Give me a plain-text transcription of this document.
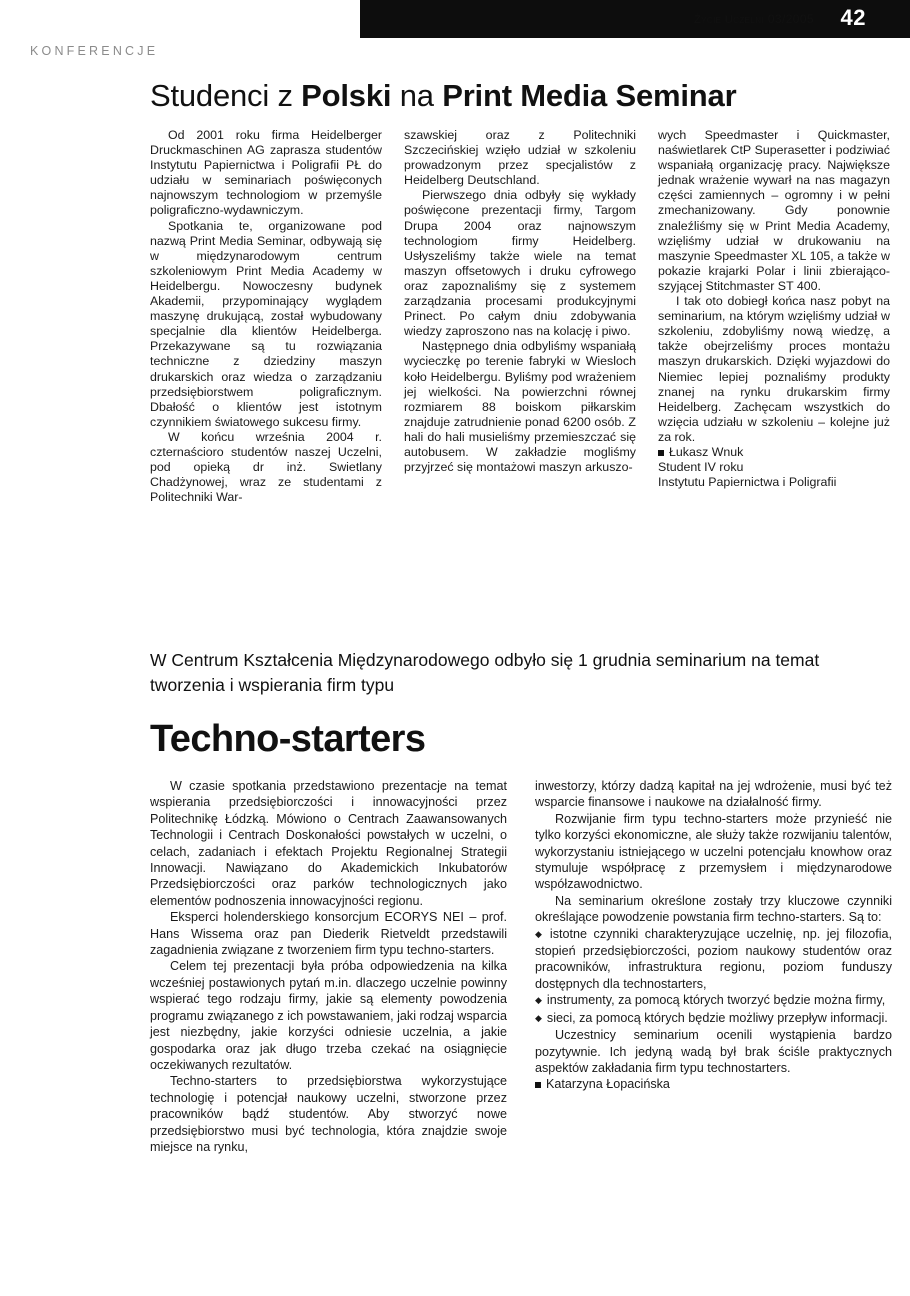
Życie Uczelni 03/2005 42
KONFERENCJE
Studenci z Polski na Print Media Seminar

Od 2001 roku firma Heidelberger Druckmaschinen AG zaprasza studentów Instytutu Papiernictwa i Poligrafii PŁ do udziału w seminariach poświęconych najnowszym technologiom w przemyśle poligraficzno-wydawniczym.

Spotkania te, organizowane pod nazwą Print Media Seminar, odbywają się w międzynarodowym centrum szkoleniowym Print Media Academy w Heidelbergu. Nowoczesny budynek Akademii, przypominający wyglądem maszynę drukującą, został wybudowany specjalnie dla klientów Heidelberga. Przekazywane są tu rozwiązania techniczne z dziedziny maszyn drukarskich oraz wiedza o zarządzaniu przedsiębiorstwem poligraficznym. Dbałość o klientów jest istotnym czynnikiem światowego sukcesu firmy.

W końcu września 2004 r. czternaścioro studentów naszej Uczelni, pod opieką dr inż. Swietlany Chadżynowej, wraz ze studentami z Politechniki War-

szawskiej oraz z Politechniki Szczecińskiej wzięło udział w szkoleniu prowadzonym przez specjalistów z Heidelberg Deutschland.

Pierwszego dnia odbyły się wykłady poświęcone prezentacji firmy, Targom Drupa 2004 oraz najnowszym technologiom firmy Heidelberg. Usłyszeliśmy także wiele na temat maszyn offsetowych i druku cyfrowego oraz zapoznaliśmy się z systemem zarządzania procesami produkcyjnymi Prinect. Po całym dniu zdobywania wiedzy zaproszono nas na kolację i piwo.

Następnego dnia odbyliśmy wspaniałą wycieczkę po terenie fabryki w Wiesloch koło Heidelbergu. Byliśmy pod wrażeniem jej wielkości. Na powierzchni równej rozmiarem 88 boiskom piłkarskim znajduje zatrudnienie ponad 6200 osób. Z hali do hali musieliśmy przemieszczać się autobusem. W zakładzie mogliśmy przyjrzeć się montażowi maszyn arkuszo-

wych Speedmaster i Quickmaster, naświetlarek CtP Superasetter i podziwiać wspaniałą organizację pracy. Największe jednak wrażenie wywarł na nas magazyn części zamiennych – ogromny i w pełni zmechanizowany. Gdy ponownie znaleźliśmy się w Print Media Academy, wzięliśmy udział w drukowaniu na maszynie Speedmaster XL 105, a także w pokazie krajarki Polar i linii zbierająco-szyjącej Stitchmaster ST 400.

I tak oto dobiegł końca nasz pobyt na seminarium, na którym wzięliśmy udział w szkoleniu, zdobyliśmy nową wiedzę, a także obejrzeliśmy proces montażu maszyn drukarskich. Dzięki wyjazdowi do Niemiec lepiej poznaliśmy produkty znanej na rynku drukarskim firmy Heidelberg. Zachęcam wszystkich do wzięcia udziału w szkoleniu – kolejne już za rok.

Łukasz Wnuk
Student IV roku
Instytutu Papiernictwa i Poligrafii

W Centrum Kształcenia Międzynarodowego odbyło się 1 grudnia seminarium na temat tworzenia i wspierania firm typu
Techno-starters

W czasie spotkania przedstawiono prezentacje na temat wspierania przedsiębiorczości i innowacyjności przez Politechnikę Łódzką. Mówiono o Centrach Zaawansowanych Technologii i Centrach Doskonałości powstałych w uczelni, o celach, zadaniach i efektach Projektu Regionalnej Strategii Innowacji. Nawiązano do Akademickich Inkubatorów Przedsiębiorczości oraz parków technologicznych jako elementów podnoszenia innowacyjności regionu.

Eksperci holenderskiego konsorcjum ECORYS NEI – prof. Hans Wissema oraz pan Diederik Rietveldt przedstawili zagadnienia związane z tworzeniem firm typu techno-starters.

Celem tej prezentacji była próba odpowiedzenia na kilka wcześniej postawionych pytań m.in. dlaczego uczelnie powinny wspierać tego rodzaju firmy, jakie są elementy powodzenia programu związanego z ich powstawaniem, jaki rodzaj wsparcia jest niezbędny, jakie korzyści odniesie uczelnia, a jakie gospodarka oraz jak długo trzeba czekać na osiągnięcie oczekiwanych rezultatów.

Techno-starters to przedsiębiorstwa wykorzystujące technologię i potencjał naukowy uczelni, stworzone przez pracowników bądź studentów. Aby stworzyć nowe przedsiębiorstwo musi być technologia, która znajdzie swoje miejsce na rynku,

inwestorzy, którzy dadzą kapitał na jej wdrożenie, musi być też wsparcie finansowe i naukowe na działalność firmy.

Rozwijanie firm typu techno-starters może przynieść nie tylko korzyści ekonomiczne, ale służy także rozwijaniu talentów, wykorzystaniu istniejącego w uczelni potencjału knowhow oraz stymuluje współpracę z przemysłem i międzynarodowe współzawodnictwo.

Na seminarium określone zostały trzy kluczowe czynniki określające powodzenie powstania firm techno-starters. Są to:

◆ istotne czynniki charakteryzujące uczelnię, np. jej filozofia, stopień przedsiębiorczości, poziom naukowy studentów oraz pracowników, infrastruktura regionu, poziom funduszy dostępnych dla technostarters,

◆ instrumenty, za pomocą których tworzyć będzie można firmy,

◆ sieci, za pomocą których będzie możliwy przepływ informacji.

Uczestnicy seminarium ocenili wystąpienia bardzo pozytywnie. Ich jedyną wadą był brak ściśle praktycznych aspektów zakładania firm typu technostarters.

Katarzyna Łopacińska
